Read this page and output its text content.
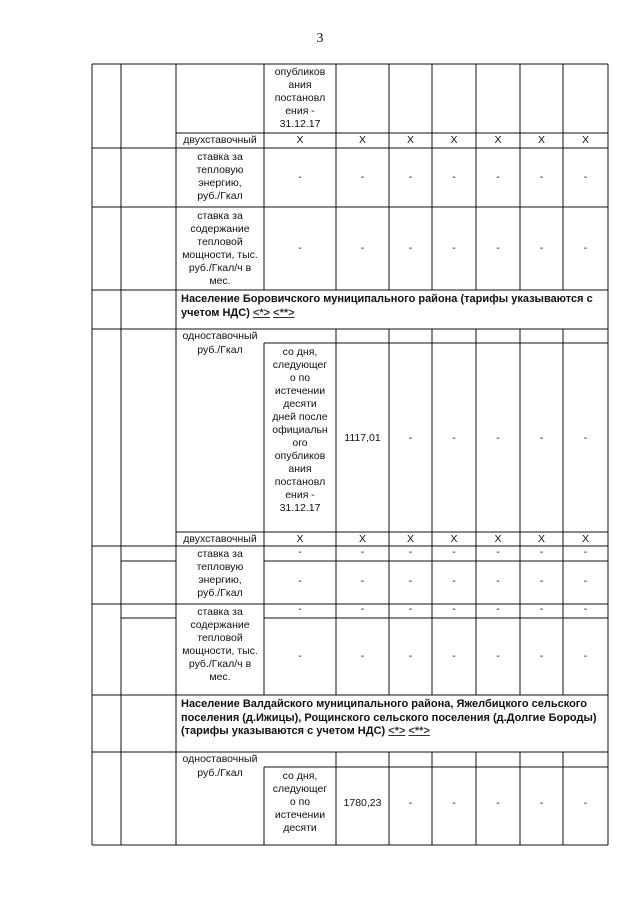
3
опубликов
ания
постановл
ения -
31.12.17
двухставочный	Х	Х	Х	Х	Х	Х	Х
ставка за
тепловую
энергию,
руб./Гкал
-	-	-	-	-	-	-
ставка за
содержание
тепловой
мощности, тыс.
руб./Гкал/ч в
мес.
-	-	-	-	-	-	-
Население Боровичского муниципального района (тарифы указываются с учетом НДС) <*> <**>
одноставочный
руб./Гкал	со дня,
следующег
о по
истечении
десяти
дней после
официальн
ого
опубликов
ания
постановл
ения -
31.12.17
1117,01	-	-	-	-	-
двухставочный	Х	Х	Х	Х	Х	Х	Х
ставка за
тепловую
энергию,
руб./Гкал
-	-	-	-	-	-	-
-	-	-	-	-	-	-
ставка за
содержание
тепловой
мощности, тыс.
руб./Гкал/ч в
мес.
-	-	-	-	-	-	-
-	-	-	-	-	-	-
Население Валдайского муниципального района, Яжелбицкого сельского поселения (д.Ижицы), Рощинского сельского поселения (д.Долгие Бороды) (тарифы указываются с учетом НДС) <*> <**>
одноставочный
руб./Гкал	со дня,
следующег
о по
истечении
десяти
1780,23	-	-	-	-	-
